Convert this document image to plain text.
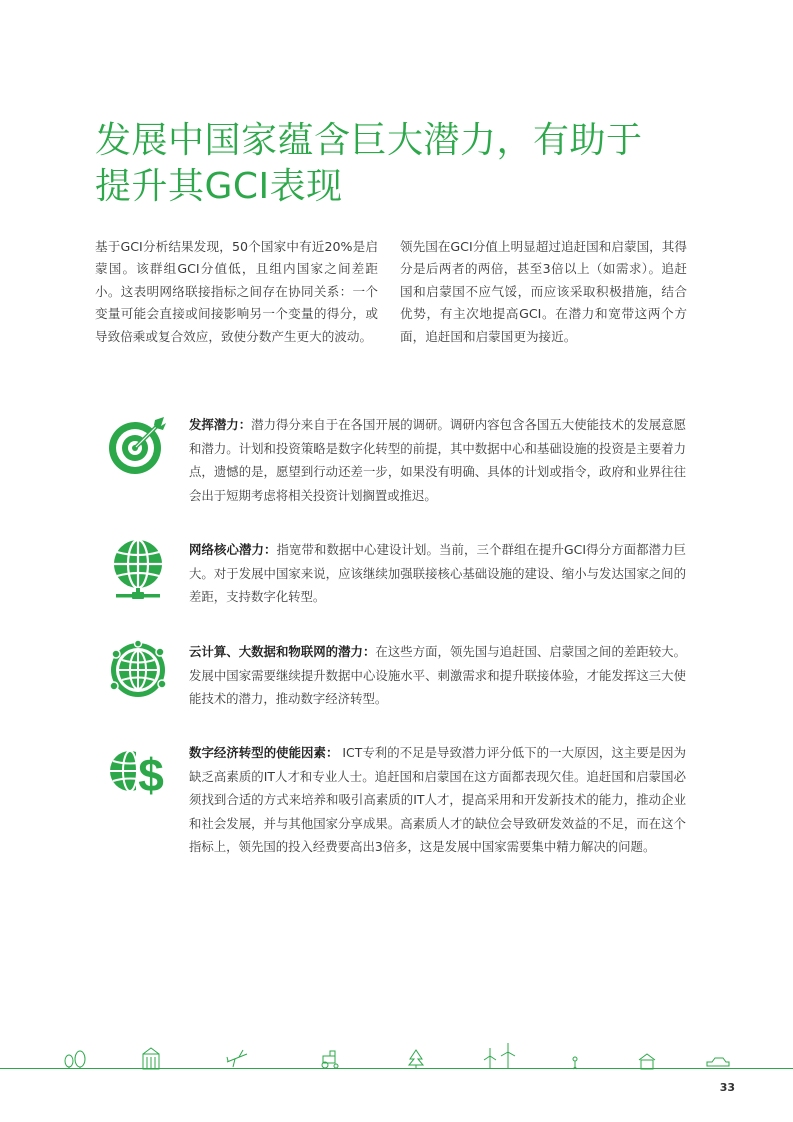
发展中国家蕴含巨大潜力，有助于
提升其GCI表现

基于GCI分析结果发现，50个国家中有近20%是启蒙国。该群组GCI分值低，且组内国家之间差距小。这表明网络联接指标之间存在协同关系：一个变量可能会直接或间接影响另一个变量的得分，或导致倍乘或复合效应，致使分数产生更大的波动。

领先国在GCI分值上明显超过追赶国和启蒙国，其得分是后两者的两倍，甚至3倍以上（如需求）。追赶国和启蒙国不应气馁，而应该采取积极措施，结合优势，有主次地提高GCI。在潜力和宽带这两个方面，追赶国和启蒙国更为接近。

发挥潜力：潜力得分来自于在各国开展的调研。调研内容包含各国五大使能技术的发展意愿和潜力。计划和投资策略是数字化转型的前提，其中数据中心和基础设施的投资是主要着力点，遗憾的是，愿望到行动还差一步，如果没有明确、具体的计划或指令，政府和业界往往会出于短期考虑将相关投资计划搁置或推迟。

网络核心潜力：指宽带和数据中心建设计划。当前，三个群组在提升GCI得分方面都潜力巨大。对于发展中国家来说，应该继续加强联接核心基础设施的建设、缩小与发达国家之间的差距，支持数字化转型。

云计算、大数据和物联网的潜力：在这些方面，领先国与追赶国、启蒙国之间的差距较大。发展中国家需要继续提升数据中心设施水平、刺激需求和提升联接体验，才能发挥这三大使能技术的潜力，推动数字经济转型。

$ 数字经济转型的使能因素： ICT专利的不足是导致潜力评分低下的一大原因，这主要是因为缺乏高素质的IT人才和专业人士。追赶国和启蒙国在这方面都表现欠佳。追赶国和启蒙国必须找到合适的方式来培养和吸引高素质的IT人才，提高采用和开发新技术的能力，推动企业和社会发展，并与其他国家分享成果。高素质人才的缺位会导致研发效益的不足，而在这个指标上，领先国的投入经费要高出3倍多，这是发展中国家需要集中精力解决的问题。

33
